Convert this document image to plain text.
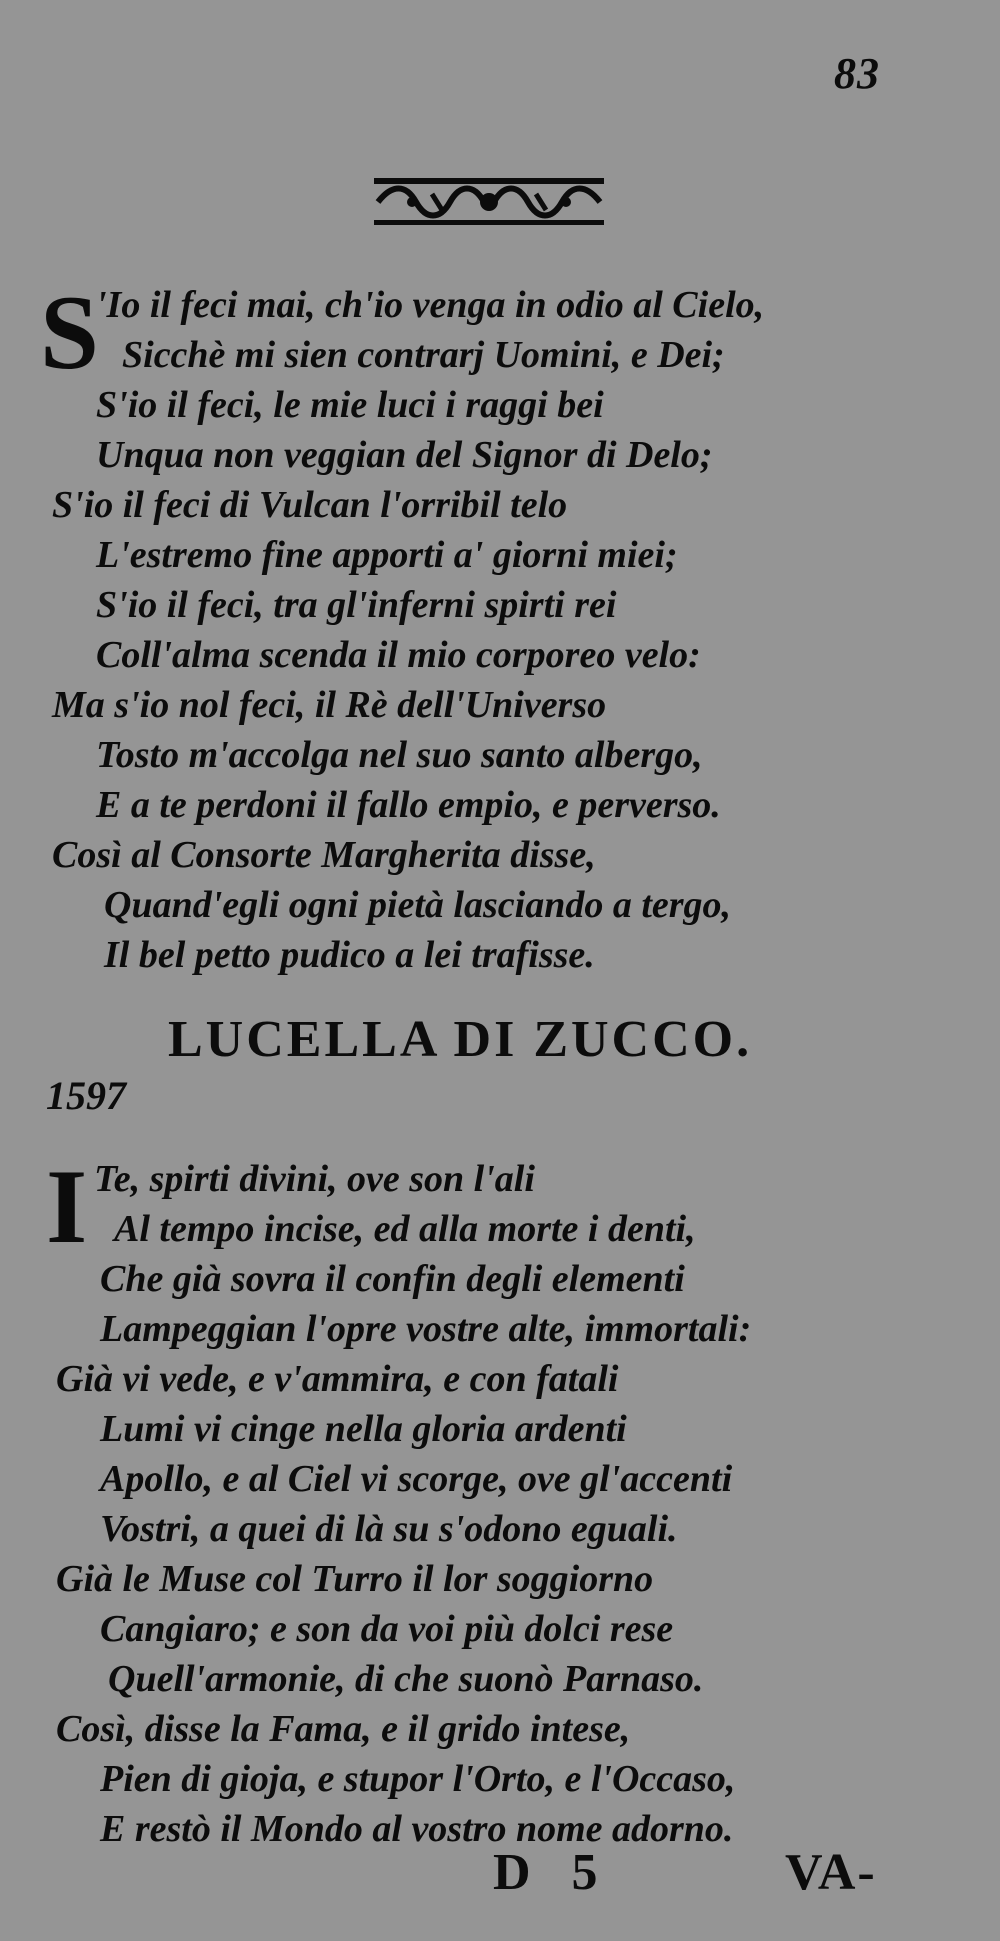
83
S
'Io il feci mai, ch'io venga in odio al Cielo,
Sicchè mi sien contrarj Uomini, e Dei;
S'io il feci, le mie luci i raggi bei
Unqua non veggian del Signor di Delo;
S'io il feci di Vulcan l'orribil telo
L'estremo fine apporti a' giorni miei;
S'io il feci, tra gl'inferni spirti rei
Coll'alma scenda il mio corporeo velo:
Ma s'io nol feci, il Rè dell'Universo
Tosto m'accolga nel suo santo albergo,
E a te perdoni il fallo empio, e perverso.
Così al Consorte Margherita disse,
Quand'egli ogni pietà lasciando a tergo,
Il bel petto pudico a lei trafisse.
LUCELLA DI ZUCCO.
1597
I Te, spirti divini, ove son l'ali
Al tempo incise, ed alla morte i denti,
Che già sovra il confin degli elementi
Lampeggian l'opre vostre alte, immortali:
Già vi vede, e v'ammira, e con fatali
Lumi vi cinge nella gloria ardenti
Apollo, e al Ciel vi scorge, ove gl'accenti
Vostri, a quei di là su s'odono eguali.
Già le Muse col Turro il lor soggiorno
Cangiaro; e son da voi più dolci rese
Quell'armonie, di che suonò Parnaso.
Così, disse la Fama, e il grido intese,
Pien di gioja, e stupor l'Orto, e l'Occaso,
E restò il Mondo al vostro nome adorno.
D 5	VA-
